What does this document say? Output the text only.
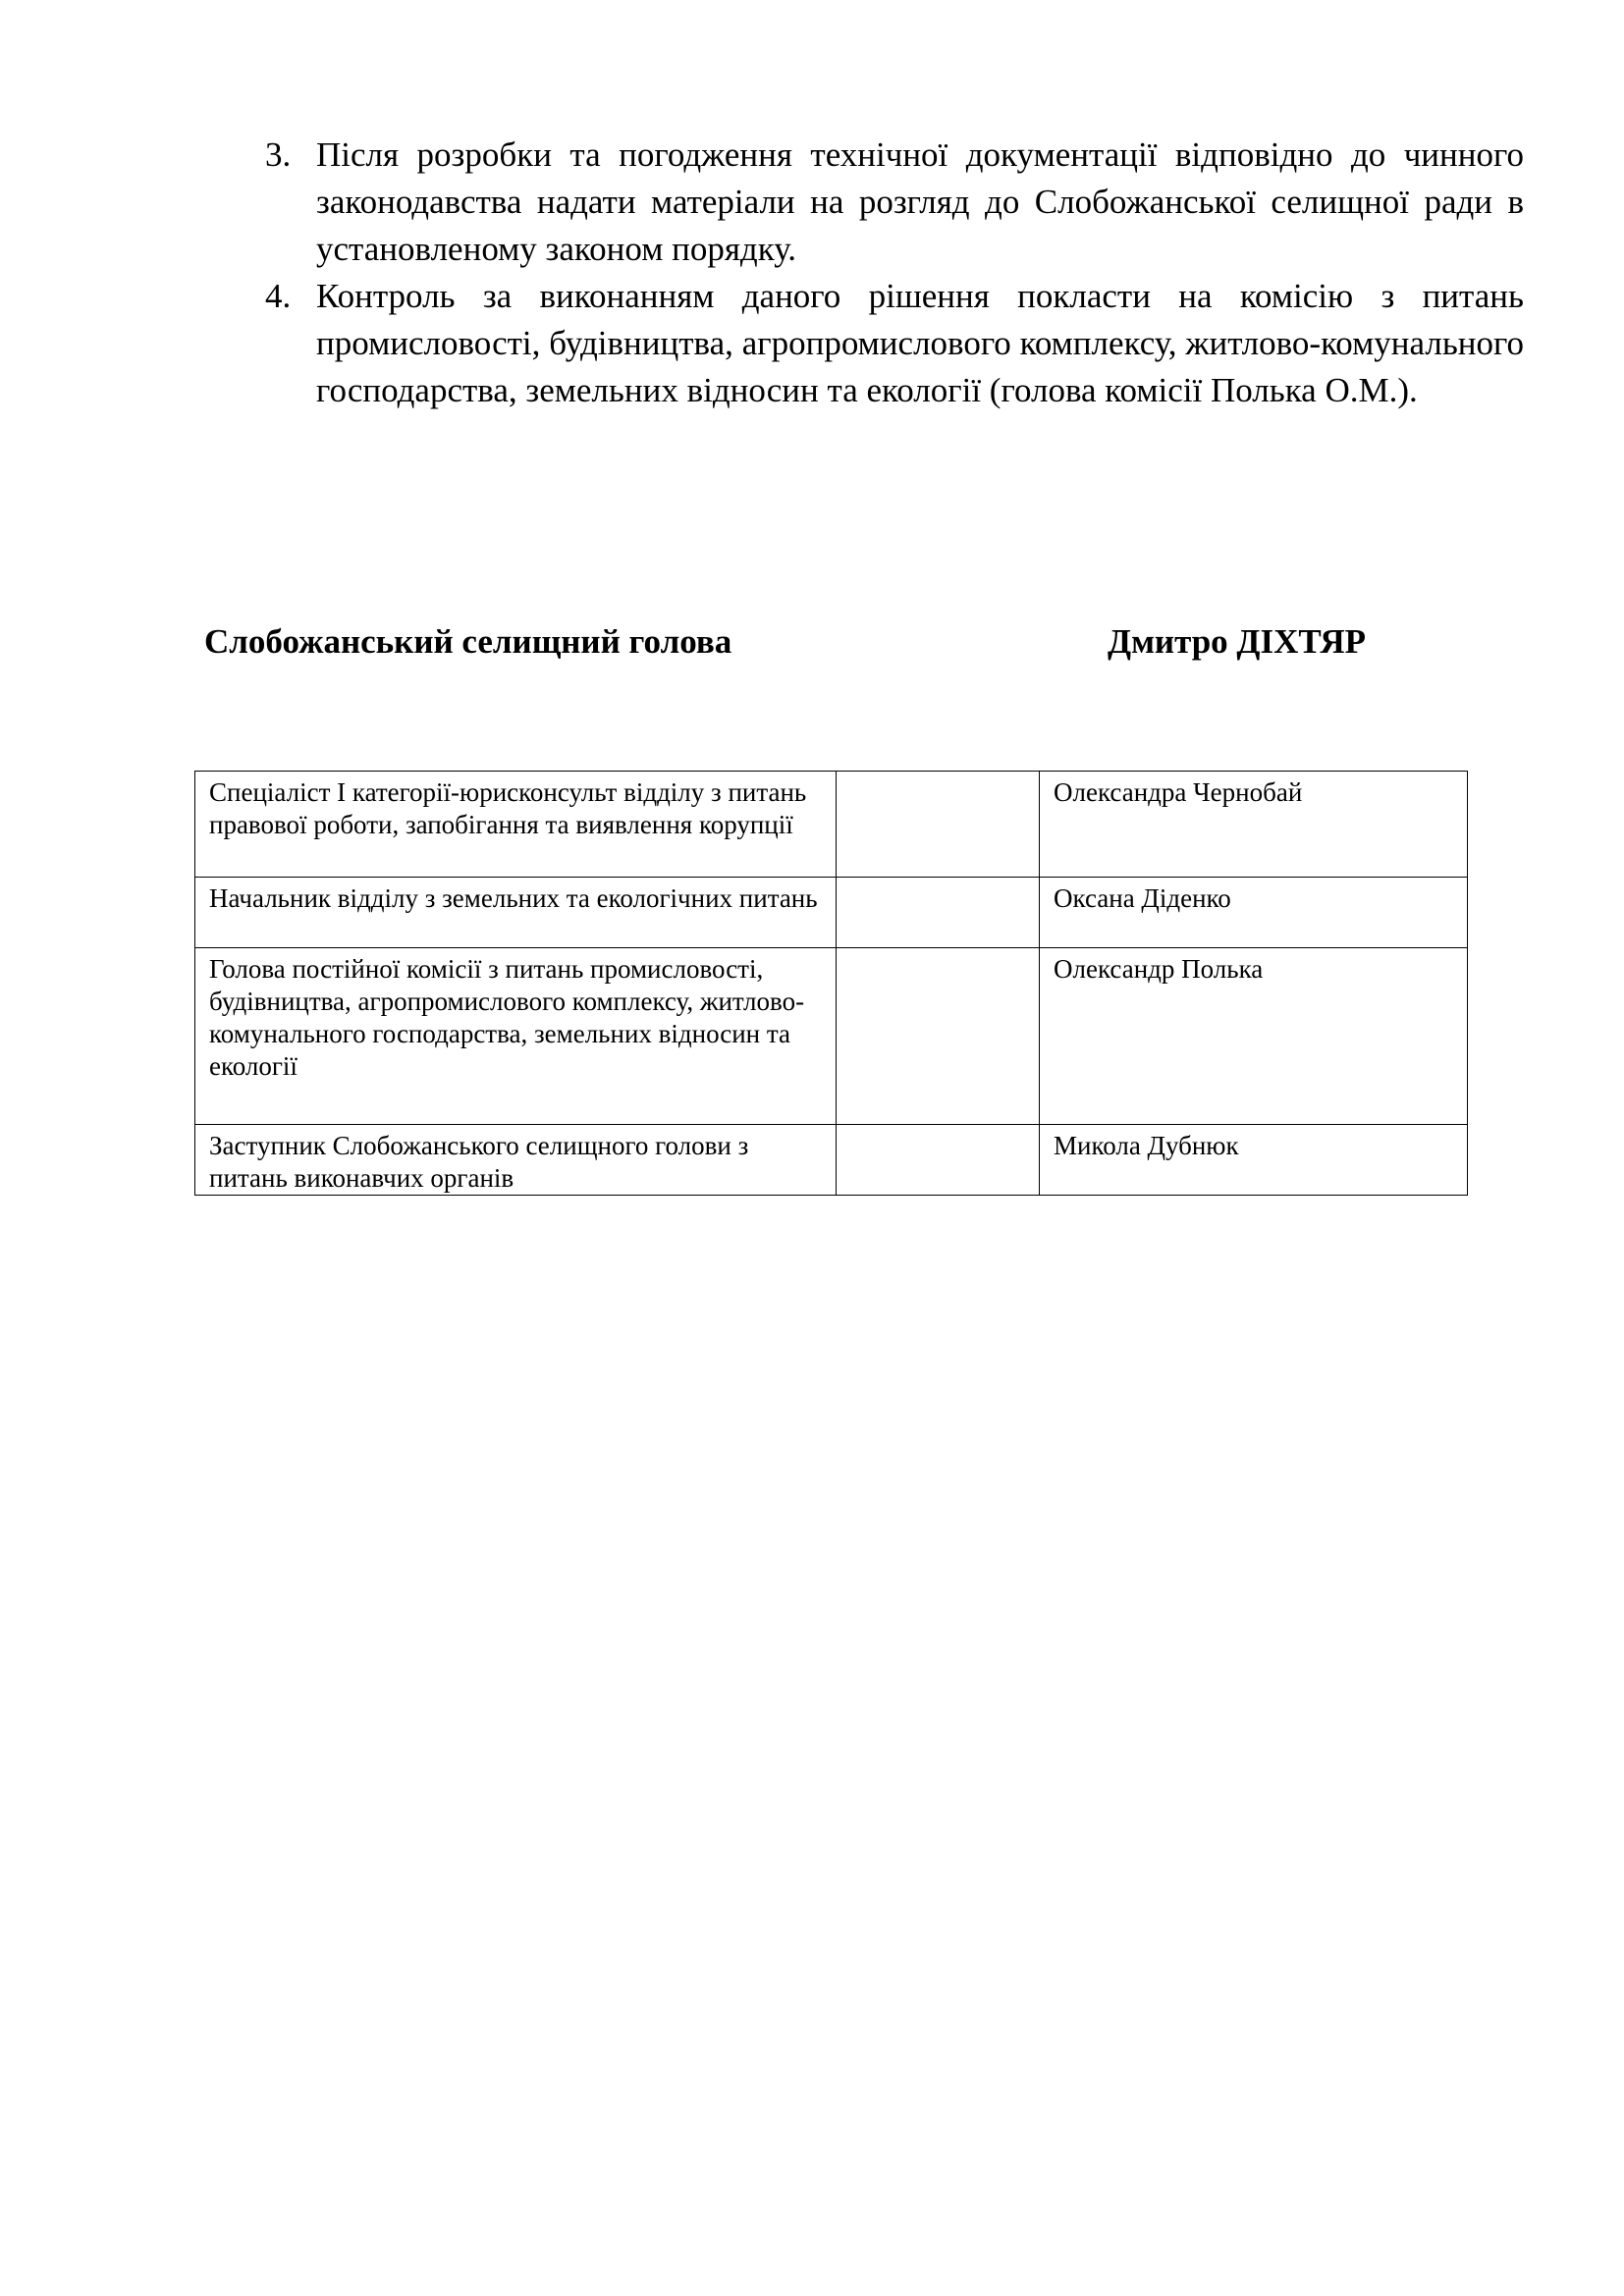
3. Після розробки та погодження технічної документації відповідно до чинного законодавства надати матеріали на розгляд до Слобожанської селищної ради в установленому законом порядку.

4. Контроль за виконанням даного рішення покласти на комісію з питань промисловості, будівництва, агропромислового комплексу, житлово-комунального господарства, земельних відносин та екології (голова комісії Полька О.М.).

Слобожанський селищний голова	Дмитро ДІХТЯР
Спеціаліст І категорії-юрисконсульт відділу з питань правової роботи, запобігання та виявлення корупції		Олександра Чернобай
Начальник відділу з земельних та екологічних питань		Оксана Діденко
Голова постійної комісії з питань промисловості, будівництва, агропромислового комплексу, житлово-комунального господарства, земельних відносин та екології		Олександр Полька
Заступник Слобожанського селищного голови з питань виконавчих органів		Микола Дубнюк
